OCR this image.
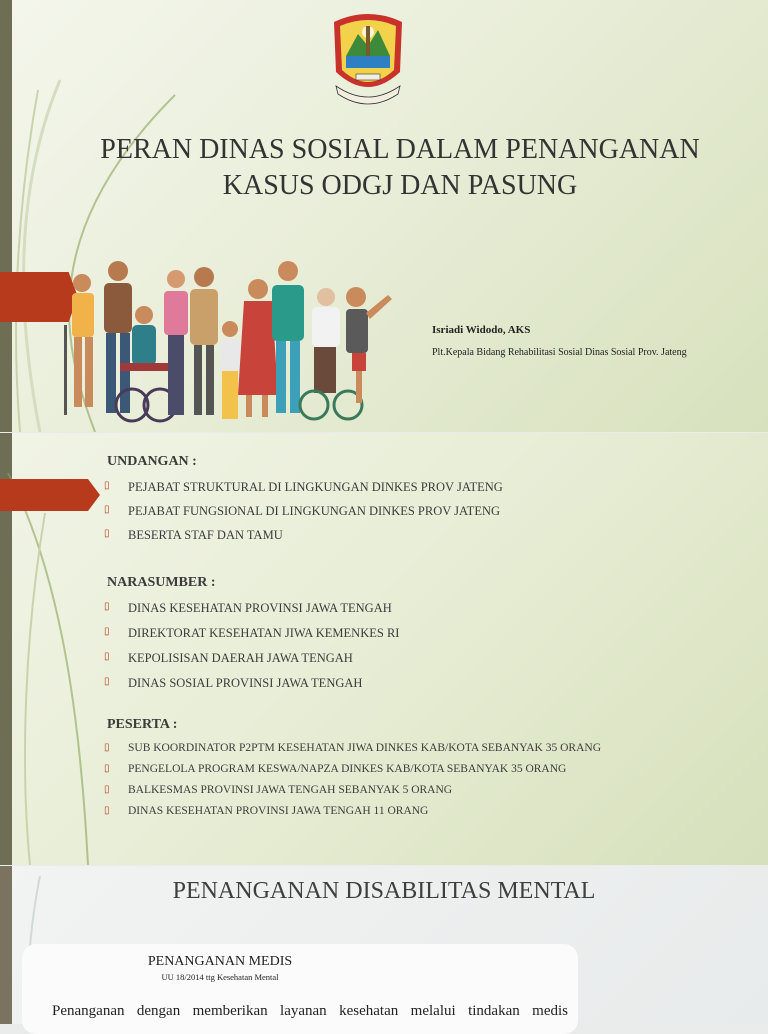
PERAN DINAS SOSIAL DALAM PENANGANAN
KASUS ODGJ DAN PASUNG
Isriadi Widodo, AKS
Plt.Kepala Bidang Rehabilitasi Sosial Dinas Sosial Prov. Jateng
UNDANGAN :
▯ PEJABAT STRUKTURAL DI LINGKUNGAN DINKES PROV JATENG
▯ PEJABAT FUNGSIONAL DI LINGKUNGAN DINKES PROV JATENG
▯ BESERTA STAF DAN TAMU
NARASUMBER :
▯ DINAS KESEHATAN PROVINSI JAWA TENGAH
▯ DIREKTORAT KESEHATAN JIWA KEMENKES RI
▯ KEPOLISISAN DAERAH JAWA TENGAH
▯ DINAS SOSIAL PROVINSI JAWA TENGAH
PESERTA :
▯ SUB KOORDINATOR P2PTM KESEHATAN JIWA DINKES KAB/KOTA SEBANYAK 35 ORANG
▯ PENGELOLA PROGRAM KESWA/NAPZA DINKES KAB/KOTA SEBANYAK 35 ORANG
▯ BALKESMAS PROVINSI JAWA TENGAH SEBANYAK 5 ORANG
▯ DINAS KESEHATAN PROVINSI JAWA TENGAH 11 ORANG
PENANGANAN DISABILITAS MENTAL
PENANGANAN MEDIS
UU 18/2014 ttg Kesehatan Mental
Penanganan dengan memberikan layanan kesehatan melalui tindakan medis
